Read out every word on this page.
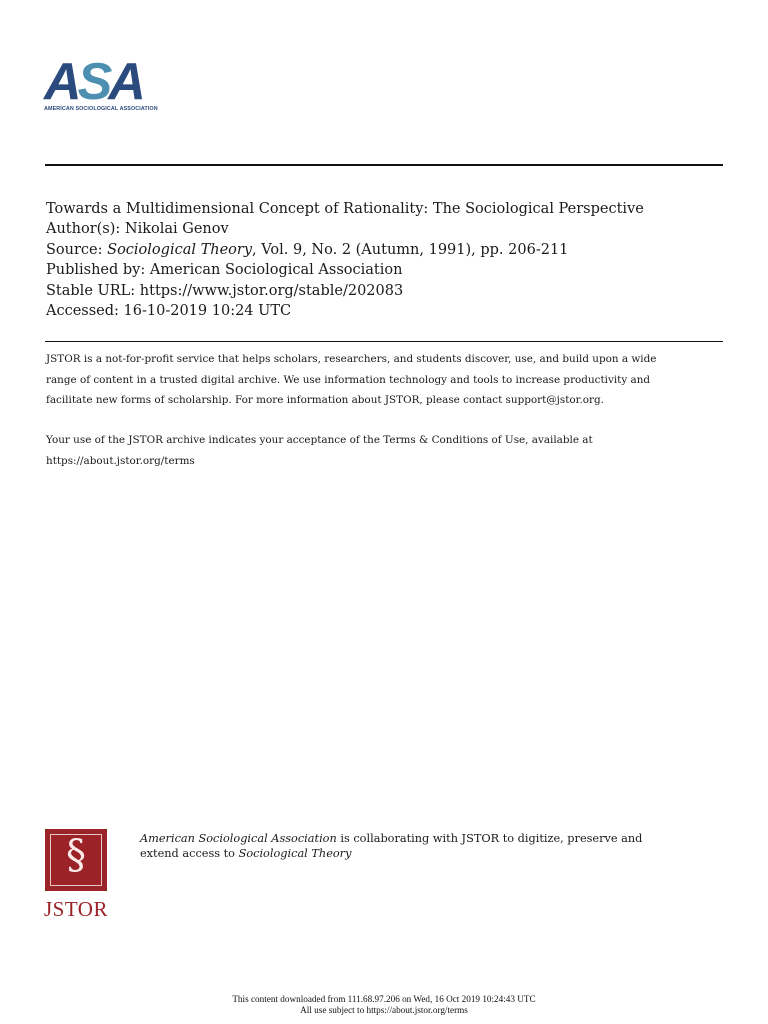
ASA
AMERICAN SOCIOLOGICAL ASSOCIATION
Towards a Multidimensional Concept of Rationality: The Sociological Perspective
Author(s): Nikolai Genov
Source: Sociological Theory, Vol. 9, No. 2 (Autumn, 1991), pp. 206-211
Published by: American Sociological Association
Stable URL: https://www.jstor.org/stable/202083
Accessed: 16-10-2019 10:24 UTC

JSTOR is a not-for-profit service that helps scholars, researchers, and students discover, use, and build upon a wide

range of content in a trusted digital archive. We use information technology and tools to increase productivity and

facilitate new forms of scholarship. For more information about JSTOR, please contact support@jstor.org.

Your use of the JSTOR archive indicates your acceptance of the Terms & Conditions of Use, available at

https://about.jstor.org/terms

§
JSTOR
American Sociological Association is collaborating with JSTOR to digitize, preserve and
extend access to Sociological Theory
This content downloaded from 111.68.97.206 on Wed, 16 Oct 2019 10:24:43 UTC
All use subject to https://about.jstor.org/terms
